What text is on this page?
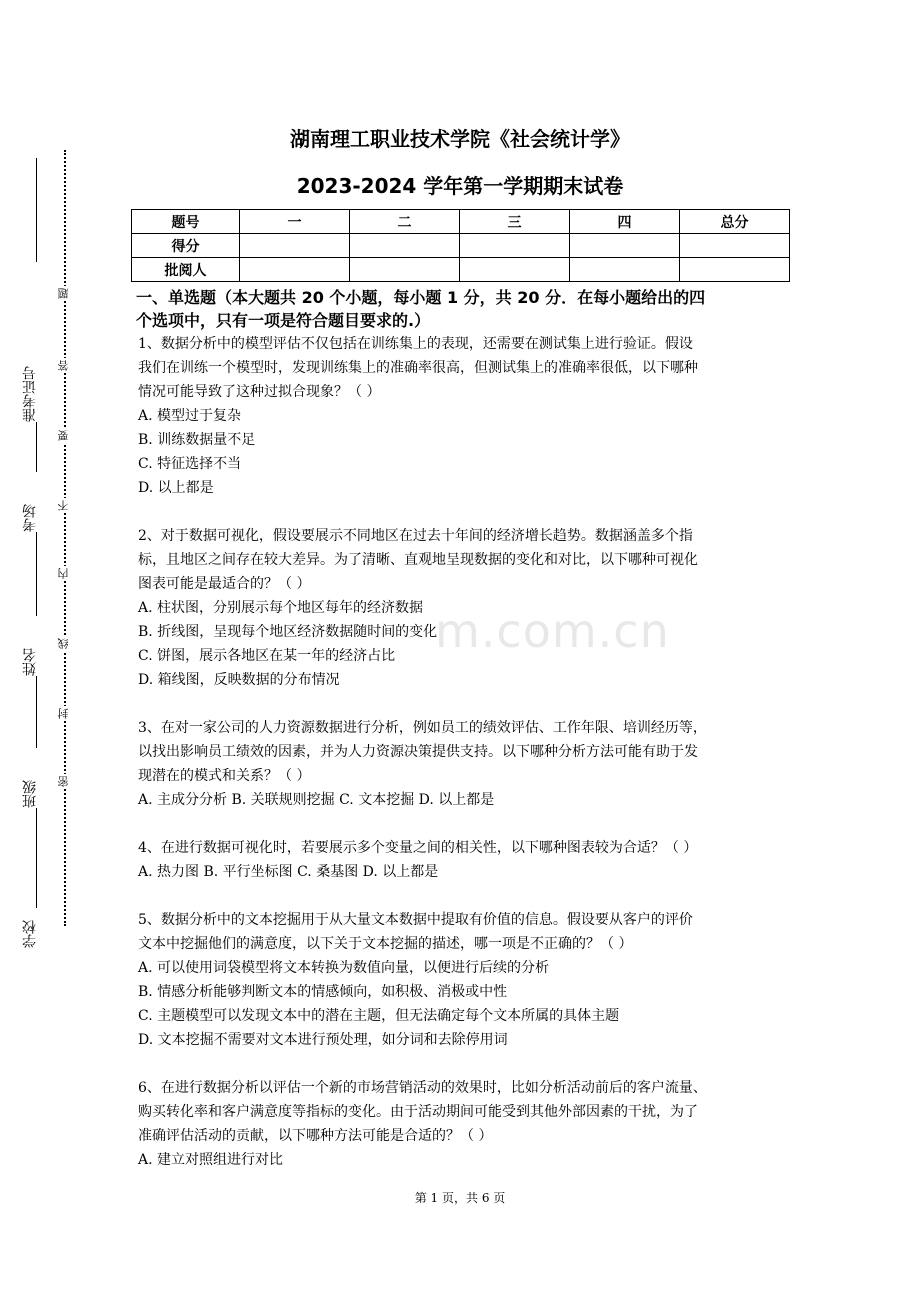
准考证号
考场
姓名
班级
学校
题
答
要
不
内
线
封
密
m.com.cn
湖南理工职业技术学院《社会统计学》
2023-2024 学年第一学期期末试卷
题号	一	二	三	四	总分
得分					
批阅人					
一、单选题（本大题共 20 个小题，每小题 1 分，共 20 分．在每小题给出的四
个选项中，只有一项是符合题目要求的.）
1、数据分析中的模型评估不仅包括在训练集上的表现，还需要在测试集上进行验证。假设
我们在训练一个模型时，发现训练集上的准确率很高，但测试集上的准确率很低，以下哪种
情况可能导致了这种过拟合现象？（ ）
A. 模型过于复杂
B. 训练数据量不足
C. 特征选择不当
D. 以上都是
2、对于数据可视化，假设要展示不同地区在过去十年间的经济增长趋势。数据涵盖多个指
标，且地区之间存在较大差异。为了清晰、直观地呈现数据的变化和对比，以下哪种可视化
图表可能是最适合的？（ ）
A. 柱状图，分别展示每个地区每年的经济数据
B. 折线图，呈现每个地区经济数据随时间的变化
C. 饼图，展示各地区在某一年的经济占比
D. 箱线图，反映数据的分布情况
3、在对一家公司的人力资源数据进行分析，例如员工的绩效评估、工作年限、培训经历等，
以找出影响员工绩效的因素，并为人力资源决策提供支持。以下哪种分析方法可能有助于发
现潜在的模式和关系？（ ）
A. 主成分分析 B. 关联规则挖掘 C. 文本挖掘 D. 以上都是
4、在进行数据可视化时，若要展示多个变量之间的相关性，以下哪种图表较为合适？（ ）
A. 热力图 B. 平行坐标图 C. 桑基图 D. 以上都是
5、数据分析中的文本挖掘用于从大量文本数据中提取有价值的信息。假设要从客户的评价
文本中挖掘他们的满意度，以下关于文本挖掘的描述，哪一项是不正确的？（ ）
A. 可以使用词袋模型将文本转换为数值向量，以便进行后续的分析
B. 情感分析能够判断文本的情感倾向，如积极、消极或中性
C. 主题模型可以发现文本中的潜在主题，但无法确定每个文本所属的具体主题
D. 文本挖掘不需要对文本进行预处理，如分词和去除停用词
6、在进行数据分析以评估一个新的市场营销活动的效果时，比如分析活动前后的客户流量、
购买转化率和客户满意度等指标的变化。由于活动期间可能受到其他外部因素的干扰，为了
准确评估活动的贡献，以下哪种方法可能是合适的？（ ）
A. 建立对照组进行对比
第 1 页，共 6 页
